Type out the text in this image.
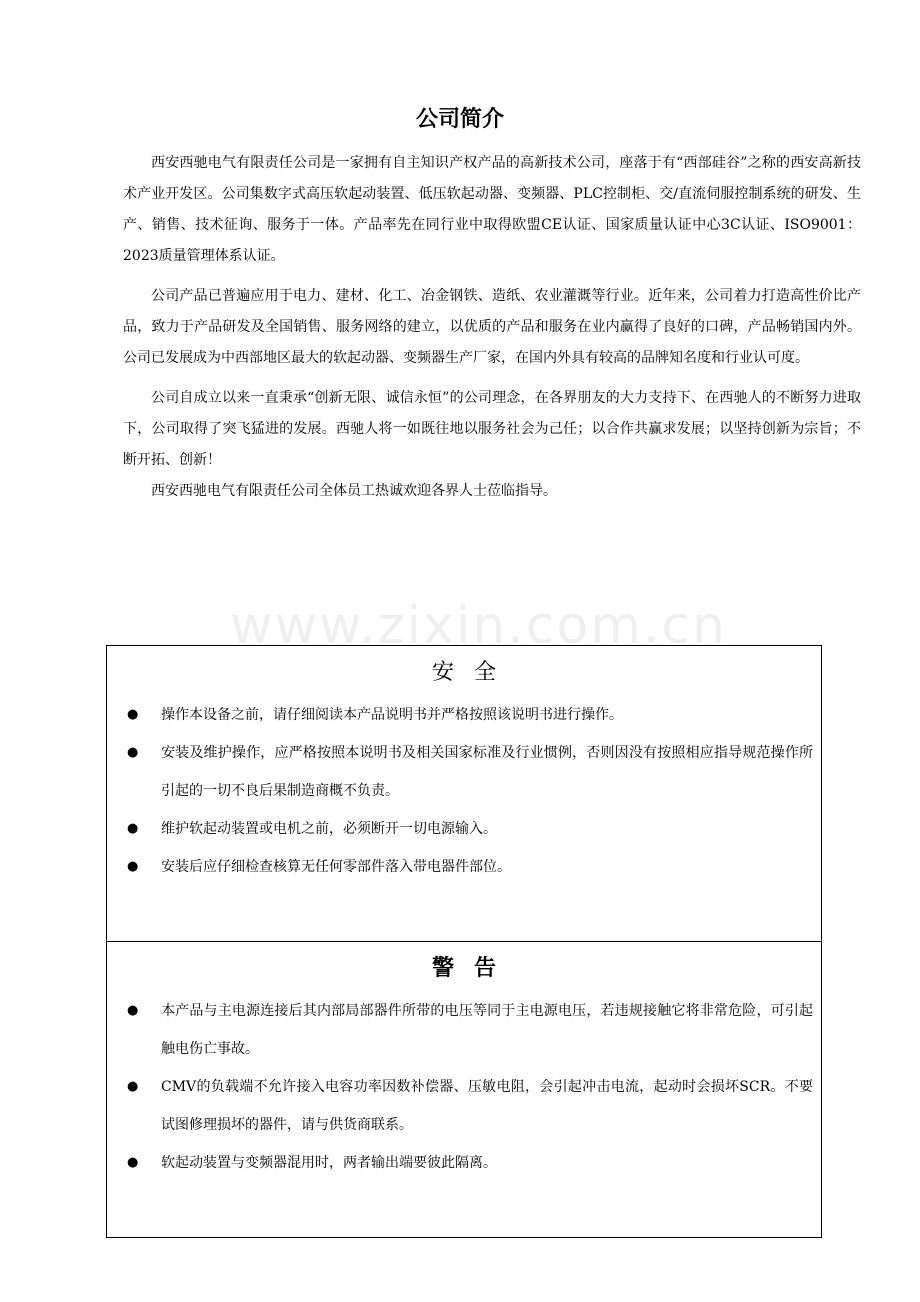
公司简介

西安西驰电气有限责任公司是一家拥有自主知识产权产品的高新技术公司，座落于有“西部硅谷”之称的西安高新技术产业开发区。公司集数字式高压软起动装置、低压软起动器、变频器、PLC控制柜、交/直流伺服控制系统的研发、生产、销售、技术征询、服务于一体。产品率先在同行业中取得欧盟CE认证、国家质量认证中心3C认证、ISO9001：2023质量管理体系认证。

公司产品已普遍应用于电力、建材、化工、冶金钢铁、造纸、农业灌溉等行业。近年来，公司着力打造高性价比产品，致力于产品研发及全国销售、服务网络的建立，以优质的产品和服务在业内赢得了良好的口碑，产品畅销国内外。公司已发展成为中西部地区最大的软起动器、变频器生产厂家，在国内外具有较高的品牌知名度和行业认可度。

公司自成立以来一直秉承“创新无限、诚信永恒”的公司理念，在各界朋友的大力支持下、在西驰人的不断努力进取下，公司取得了突飞猛进的发展。西驰人将一如既往地以服务社会为己任；以合作共赢求发展；以坚持创新为宗旨；不断开拓、创新！

西安西驰电气有限责任公司全体员工热诚欢迎各界人士莅临指导。

www.zixin.com.cn
安全
● 操作本设备之前，请仔细阅读本产品说明书并严格按照该说明书进行操作。
● 安装及维护操作，应严格按照本说明书及相关国家标准及行业惯例，否则因没有按照相应指导规范操作所引起的一切不良后果制造商概不负责。
● 维护软起动装置或电机之前，必须断开一切电源输入。
● 安装后应仔细检查核算无任何零部件落入带电器件部位。
警告
● 本产品与主电源连接后其内部局部器件所带的电压等同于主电源电压，若违规接触它将非常危险，可引起触电伤亡事故。
● CMV的负载端不允许接入电容功率因数补偿器、压敏电阻，会引起冲击电流，起动时会损坏SCR。不要试图修理损坏的器件，请与供货商联系。
● 软起动装置与变频器混用时，两者输出端要彼此隔离。
